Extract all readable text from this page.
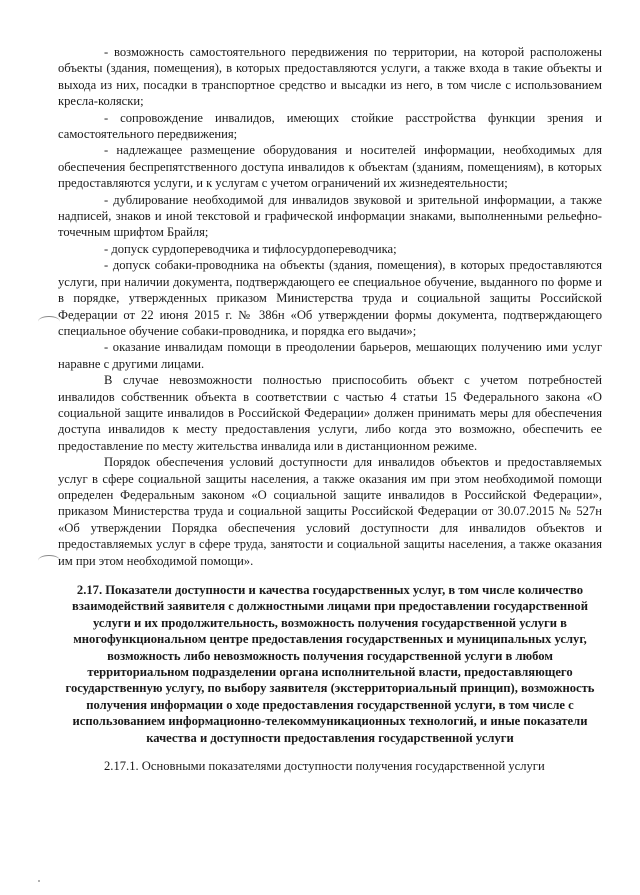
- возможность самостоятельного передвижения по территории, на которой расположены объекты (здания, помещения), в которых предоставляются услуги, а также входа в такие объекты и выхода из них, посадки в транспортное средство и высадки из него, в том числе с использованием кресла-коляски;

- сопровождение инвалидов, имеющих стойкие расстройства функции зрения и самостоятельного передвижения;

- надлежащее размещение оборудования и носителей информации, необходимых для обеспечения беспрепятственного доступа инвалидов к объектам (зданиям, помещениям), в которых предоставляются услуги, и к услугам с учетом ограничений их жизнедеятельности;

- дублирование необходимой для инвалидов звуковой и зрительной информации, а также надписей, знаков и иной текстовой и графической информации знаками, выполненными рельефно-точечным шрифтом Брайля;

- допуск сурдопереводчика и тифлосурдопереводчика;

- допуск собаки-проводника на объекты (здания, помещения), в которых предоставляются услуги, при наличии документа, подтверждающего ее специальное обучение, выданного по форме и в порядке, утвержденных приказом Министерства труда и социальной защиты Российской Федерации от 22 июня 2015 г. № 386н «Об утверждении формы документа, подтверждающего специальное обучение собаки-проводника, и порядка его выдачи»;

- оказание инвалидам помощи в преодолении барьеров, мешающих получению ими услуг наравне с другими лицами.

В случае невозможности полностью приспособить объект с учетом потребностей инвалидов собственник объекта в соответствии с частью 4 статьи 15 Федерального закона «О социальной защите инвалидов в Российской Федерации» должен принимать меры для обеспечения доступа инвалидов к месту предоставления услуги, либо когда это возможно, обеспечить ее предоставление по месту жительства инвалида или в дистанционном режиме.

Порядок обеспечения условий доступности для инвалидов объектов и предоставляемых услуг в сфере социальной защиты населения, а также оказания им при этом необходимой помощи определен Федеральным законом «О социальной защите инвалидов в Российской Федерации», приказом Министерства труда и социальной защиты Российской Федерации от 30.07.2015 № 527н «Об утверждении Порядка обеспечения условий доступности для инвалидов объектов и предоставляемых услуг в сфере труда, занятости и социальной защиты населения, а также оказания им при этом необходимой помощи».

2.17. Показатели доступности и качества государственных услуг, в том числе количество взаимодействий заявителя с должностными лицами при предоставлении государственной услуги и их продолжительность, возможность получения государственной услуги в многофункциональном центре предоставления государственных и муниципальных услуг, возможность либо невозможность получения государственной услуги в любом территориальном подразделении органа исполнительной власти, предоставляющего государственную услугу, по выбору заявителя (экстерриториальный принцип), возможность получения информации о ходе предоставления государственной услуги, в том числе с использованием информационно-телекоммуникационных технологий, и иные показатели качества и доступности предоставления государственной услуги

2.17.1. Основными показателями доступности получения государственной услуги
